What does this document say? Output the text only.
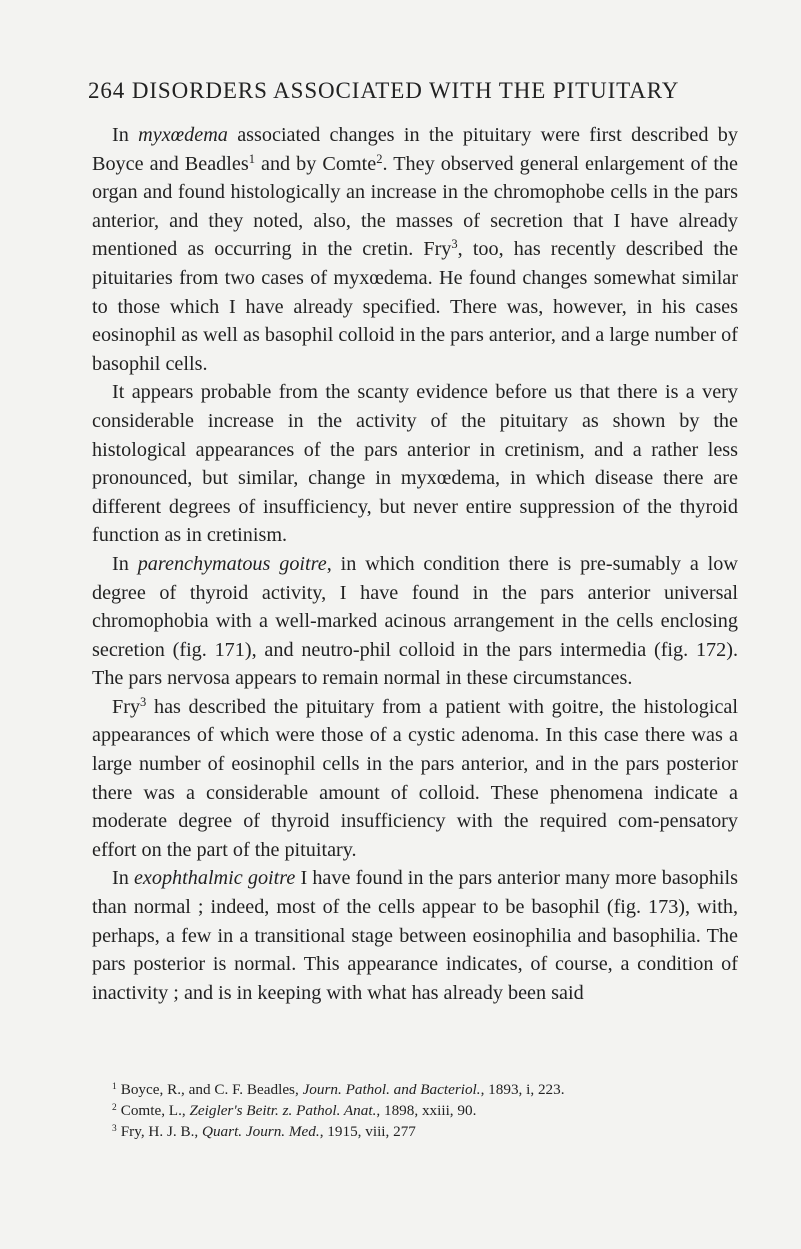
264 DISORDERS ASSOCIATED WITH THE PITUITARY

In myxœdema associated changes in the pituitary were first described by Boyce and Beadles$^1$ and by Comte$^2$. They observed general enlargement of the organ and found histologically an increase in the chromophobe cells in the pars anterior, and they noted, also, the masses of secretion that I have already mentioned as occurring in the cretin. Fry$^3$, too, has recently described the pituitaries from two cases of myxœdema. He found changes somewhat similar to those which I have already specified. There was, however, in his cases eosinophil as well as basophil colloid in the pars anterior, and a large number of basophil cells.

It appears probable from the scanty evidence before us that there is a very considerable increase in the activity of the pituitary as shown by the histological appearances of the pars anterior in cretinism, and a rather less pronounced, but similar, change in myxœdema, in which disease there are different degrees of insufficiency, but never entire suppression of the thyroid function as in cretinism.

In parenchymatous goitre, in which condition there is pre-sumably a low degree of thyroid activity, I have found in the pars anterior universal chromophobia with a well-marked acinous arrangement in the cells enclosing secretion (fig. 171), and neutro-phil colloid in the pars intermedia (fig. 172). The pars nervosa appears to remain normal in these circumstances.

Fry$^3$ has described the pituitary from a patient with goitre, the histological appearances of which were those of a cystic adenoma. In this case there was a large number of eosinophil cells in the pars anterior, and in the pars posterior there was a considerable amount of colloid. These phenomena indicate a moderate degree of thyroid insufficiency with the required com-pensatory effort on the part of the pituitary.

In exophthalmic goitre I have found in the pars anterior many more basophils than normal ; indeed, most of the cells appear to be basophil (fig. 173), with, perhaps, a few in a transitional stage between eosinophilia and basophilia. The pars posterior is normal. This appearance indicates, of course, a condition of inactivity ; and is in keeping with what has already been said

$^1$ Boyce, R., and C. F. Beadles, Journ. Pathol. and Bacteriol., 1893, i, 223.

$^2$ Comte, L., Zeigler's Beitr. z. Pathol. Anat., 1898, xxiii, 90.

$^3$ Fry, H. J. B., Quart. Journ. Med., 1915, viii, 277
